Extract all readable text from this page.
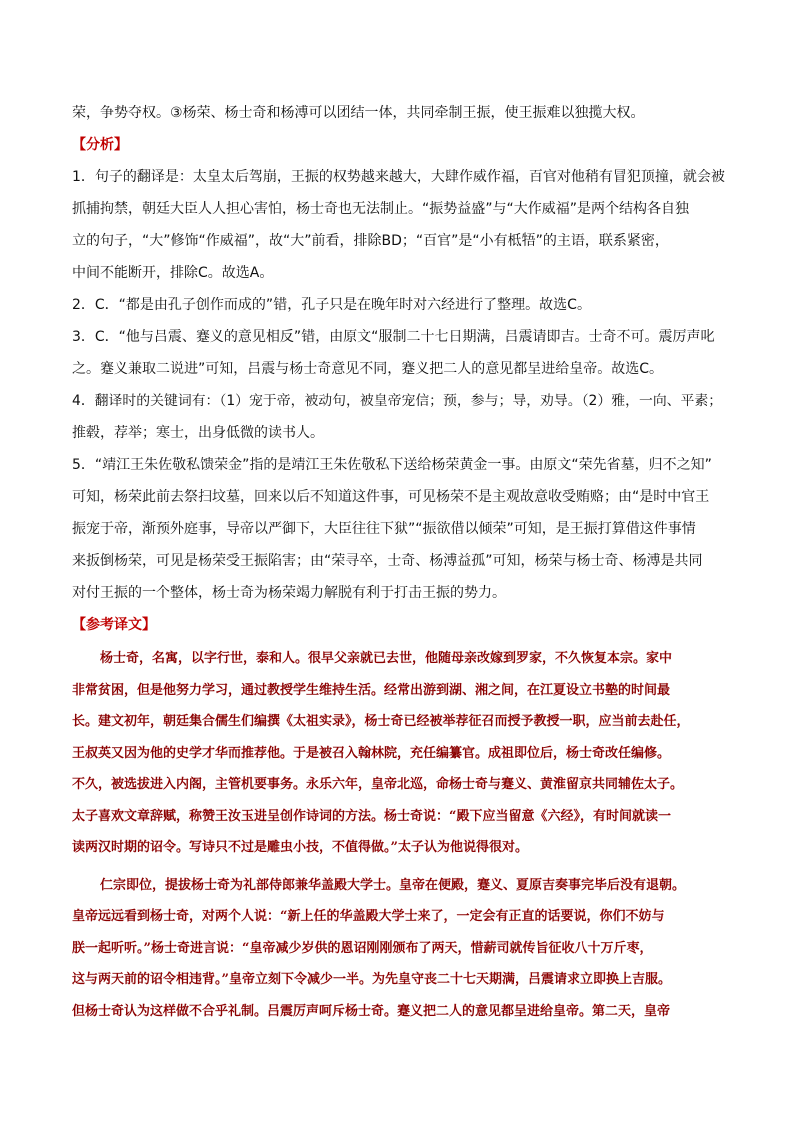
荣，争势夺权。③杨荣、杨士奇和杨溥可以团结一体，共同牵制王振，使王振难以独揽大权。

【分析】

1．句子的翻译是：太皇太后驾崩，王振的权势越来越大，大肆作威作福，百官对他稍有冒犯顶撞，就会被

抓捕拘禁，朝廷大臣人人担心害怕，杨士奇也无法制止。“振势益盛”与“大作威福”是两个结构各自独

立的句子，“大”修饰“作威福”，故“大”前看，排除BD；“百官”是“小有柢牾”的主语，联系紧密，

中间不能断开，排除C。故选A。

2．C．“都是由孔子创作而成的”错，孔子只是在晚年时对六经进行了整理。故选C。

3．C．“他与吕震、蹇义的意见相反”错，由原文“服制二十七日期满，吕震请即吉。士奇不可。震厉声叱

之。蹇义兼取二说进”可知，吕震与杨士奇意见不同，蹇义把二人的意见都呈进给皇帝。故选C。

4．翻译时的关键词有：（1）宠于帝，被动句，被皇帝宠信；预，参与；导，劝导。（2）雅，一向、平素；

推毂，荐举；寒士，出身低微的读书人。

5．“靖江王朱佐敬私馈荣金”指的是靖江王朱佐敬私下送给杨荣黄金一事。由原文“荣先省墓，归不之知”

可知，杨荣此前去祭扫坟墓，回来以后不知道这件事，可见杨荣不是主观故意收受贿赂；由“是时中官王

振宠于帝，渐预外庭事，导帝以严御下，大臣往往下狱”“振欲借以倾荣”可知，是王振打算借这件事情

来扳倒杨荣，可见是杨荣受王振陷害；由“荣寻卒，士奇、杨溥益孤”可知，杨荣与杨士奇、杨溥是共同

对付王振的一个整体，杨士奇为杨荣竭力解脱有利于打击王振的势力。

【参考译文】

杨士奇，名寓，以字行世，泰和人。很早父亲就已去世，他随母亲改嫁到罗家，不久恢复本宗。家中

非常贫困，但是他努力学习，通过教授学生维持生活。经常出游到湖、湘之间，在江夏设立书塾的时间最

长。建文初年，朝廷集合儒生们编撰《太祖实录》，杨士奇已经被举荐征召而授予教授一职，应当前去赴任，

王叔英又因为他的史学才华而推荐他。于是被召入翰林院，充任编纂官。成祖即位后，杨士奇改任编修。

不久，被选拔进入内阁，主管机要事务。永乐六年，皇帝北巡，命杨士奇与蹇义、黄淮留京共同辅佐太子。

太子喜欢文章辞赋，称赞王汝玉进呈创作诗词的方法。杨士奇说：“殿下应当留意《六经》，有时间就读一

读两汉时期的诏令。写诗只不过是雕虫小技，不值得做。”太子认为他说得很对。

仁宗即位，提拔杨士奇为礼部侍郎兼华盖殿大学士。皇帝在便殿，蹇义、夏原吉奏事完毕后没有退朝。

皇帝远远看到杨士奇，对两个人说：“新上任的华盖殿大学士来了，一定会有正直的话要说，你们不妨与

朕一起听听。”杨士奇进言说：“皇帝减少岁供的恩诏刚刚颁布了两天，惜薪司就传旨征收八十万斤枣，

这与两天前的诏令相违背。”皇帝立刻下令减少一半。为先皇守丧二十七天期满，吕震请求立即换上吉服。

但杨士奇认为这样做不合乎礼制。吕震厉声呵斥杨士奇。蹇义把二人的意见都呈进给皇帝。第二天，皇帝
